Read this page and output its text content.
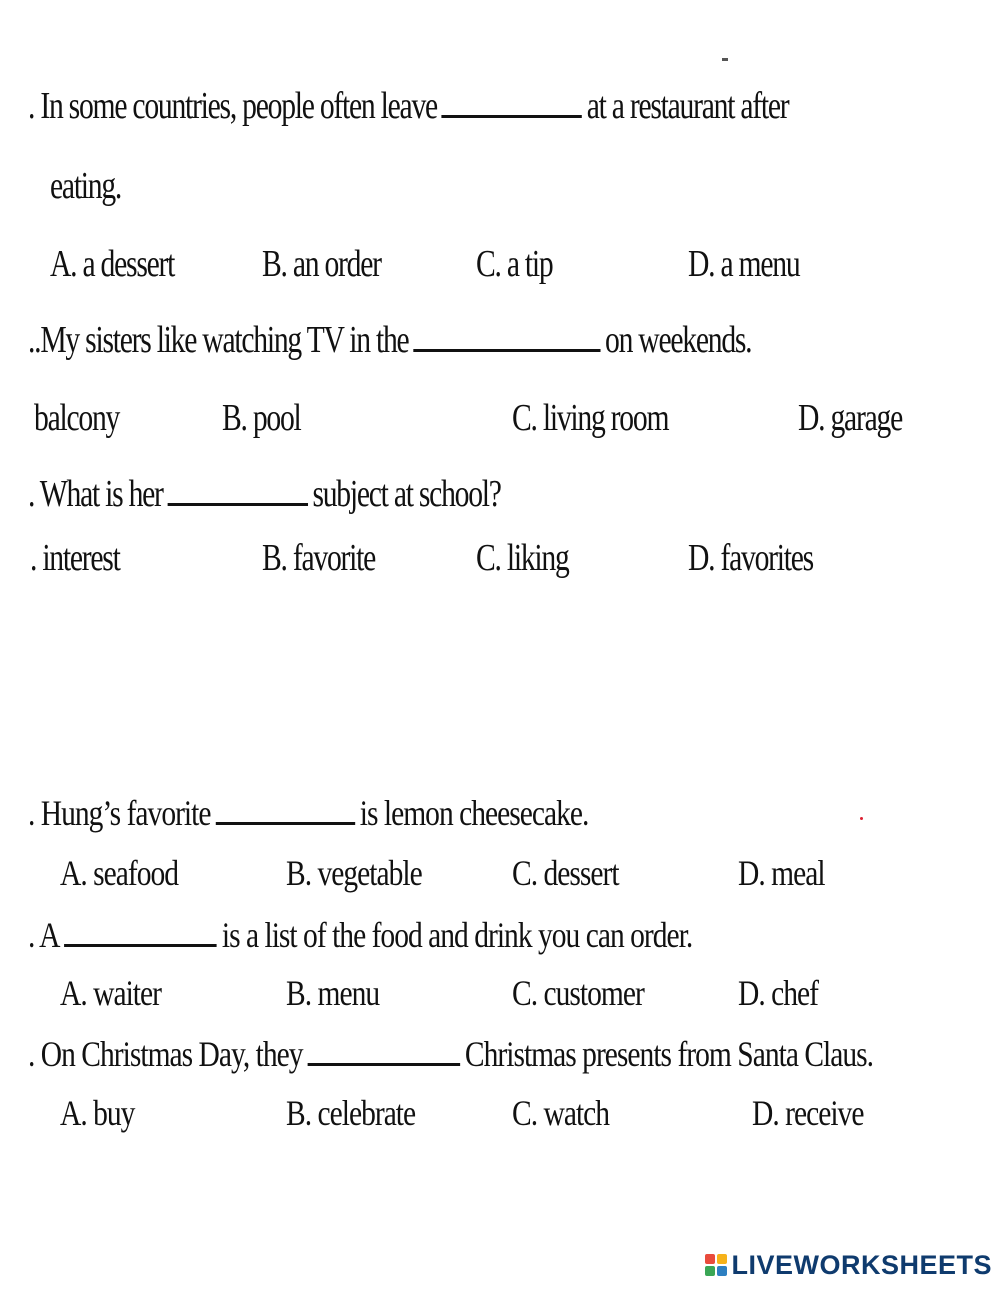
. In some countries, people often leave	at a restaurant after
eating.
A. a dessert B. an order	C. a tip	D. a menu
..My sisters like watching TV in the	on weekends.
balcony	B. pool	C. living room	D. garage
. What is her	subject at school?
. interest	B. favorite	C. liking	D. favorites
. Hung’s favorite	is lemon cheesecake.
A. seafood	B. vegetable	C. dessert	D. meal
. A	is a list of the food and drink you can order.
A. waiter	B. menu	C. customer	D. chef
. On Christmas Day, they	Christmas presents from Santa Claus.
A. buy	B. celebrate	C. watch	D. receive
LIVEWORKSHEETS
